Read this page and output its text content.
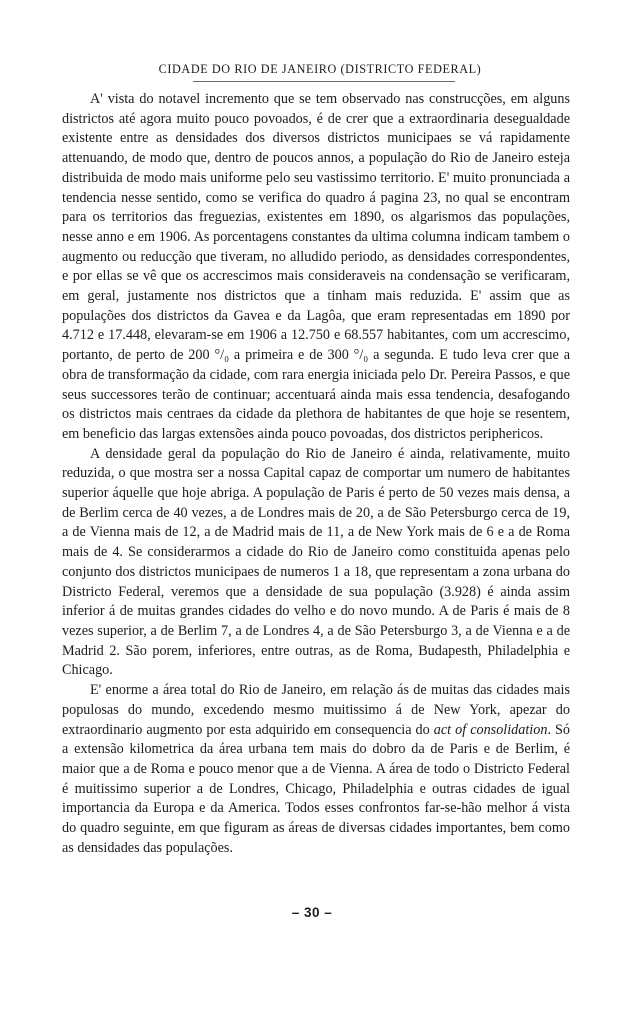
CIDADE DO RIO DE JANEIRO (DISTRICTO FEDERAL)

A' vista do notavel incremento que se tem observado nas construcções, em alguns districtos até agora muito pouco povoados, é de crer que a extraordinaria desegualdade existente entre as densidades dos diversos districtos municipaes se vá rapidamente attenuando, de modo que, dentro de poucos annos, a população do Rio de Janeiro esteja distribuida de modo mais uniforme pelo seu vastissimo territorio. E' muito pronunciada a tendencia nesse sentido, como se verifica do quadro á pagina 23, no qual se encontram para os territorios das freguezias, existentes em 1890, os algarismos das populações, nesse anno e em 1906. As porcentagens constantes da ultima columna indicam tambem o augmento ou reducção que tiveram, no alludido periodo, as densidades correspondentes, e por ellas se vê que os accrescimos mais consideraveis na condensação se verificaram, em geral, justamente nos districtos que a tinham mais reduzida. E' assim que as populações dos districtos da Gavea e da Lagôa, que eram representadas em 1890 por 4.712 e 17.448, elevaram-se em 1906 a 12.750 e 68.557 habitantes, com um accrescimo, portanto, de perto de 200 °/₀ a primeira e de 300 °/₀ a segunda. E tudo leva crer que a obra de transformação da cidade, com rara energia iniciada pelo Dr. Pereira Passos, e que seus successores terão de continuar; accentuará ainda mais essa tendencia, desafogando os districtos mais centraes da cidade da plethora de habitantes de que hoje se resentem, em beneficio das largas extensões ainda pouco povoadas, dos districtos periphericos.

A densidade geral da população do Rio de Janeiro é ainda, relativamente, muito reduzida, o que mostra ser a nossa Capital capaz de comportar um numero de habitantes superior áquelle que hoje abriga. A população de Paris é perto de 50 vezes mais densa, a de Berlim cerca de 40 vezes, a de Londres mais de 20, a de São Petersburgo cerca de 19, a de Vienna mais de 12, a de Madrid mais de 11, a de New York mais de 6 e a de Roma mais de 4. Se considerarmos a cidade do Rio de Janeiro como constituida apenas pelo conjunto dos districtos municipaes de numeros 1 a 18, que representam a zona urbana do Districto Federal, veremos que a densidade de sua população (3.928) é ainda assim inferior á de muitas grandes cidades do velho e do novo mundo. A de Paris é mais de 8 vezes superior, a de Berlim 7, a de Londres 4, a de São Petersburgo 3, a de Vienna e a de Madrid 2. São porem, inferiores, entre outras, as de Roma, Budapesth, Philadelphia e Chicago.

E' enorme a área total do Rio de Janeiro, em relação ás de muitas das cidades mais populosas do mundo, excedendo mesmo muitissimo á de New York, apezar do extraordinario augmento por esta adquirido em consequencia do act of consolidation. Só a extensão kilometrica da área urbana tem mais do dobro da de Paris e de Berlim, é maior que a de Roma e pouco menor que a de Vienna. A área de todo o Districto Federal é muitissimo superior a de Londres, Chicago, Philadelphia e outras cidades de igual importancia da Europa e da America. Todos esses confrontos far-se-hão melhor á vista do quadro seguinte, em que figuram as áreas de diversas cidades importantes, bem como as densidades das populações.

– 30 –
